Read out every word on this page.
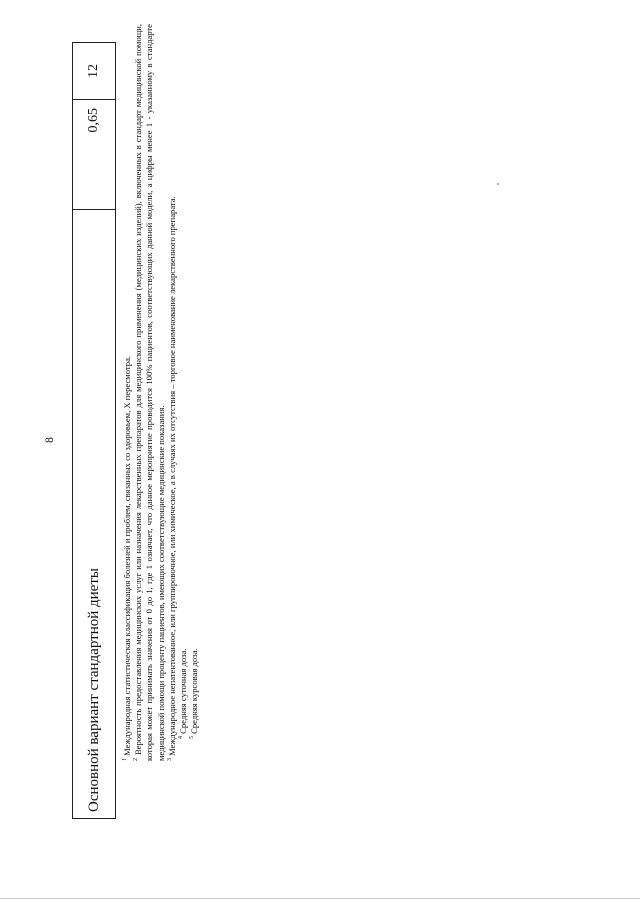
8
Основной вариант стандартной диеты
0,65
12

$^1$ Международная статистическая классификация болезней и проблем, связанных со здоровьем, X пересмотра.

$^2$ Вероятность предоставления медицинских услуг или назначения лекарственных препаратов для медицинского применения (медицинских изделий), включенных в стандарт медицинской помощи, которая может принимать значения от 0 до 1, где 1 означает, что данное мероприятие проводится 100% пациентов, соответствующих данной модели, а цифры менее 1 - указанному в стандарте медицинской помощи проценту пациентов, имеющих соответствующие медицинские показания. $^3$ Международное непатентованное, или группировочное, или химическое, а в случаях их отсутствия – торговое наименование лекарственного препарата. $^4$ Средняя суточная доза.

$^5$ Средняя курсовая доза.
